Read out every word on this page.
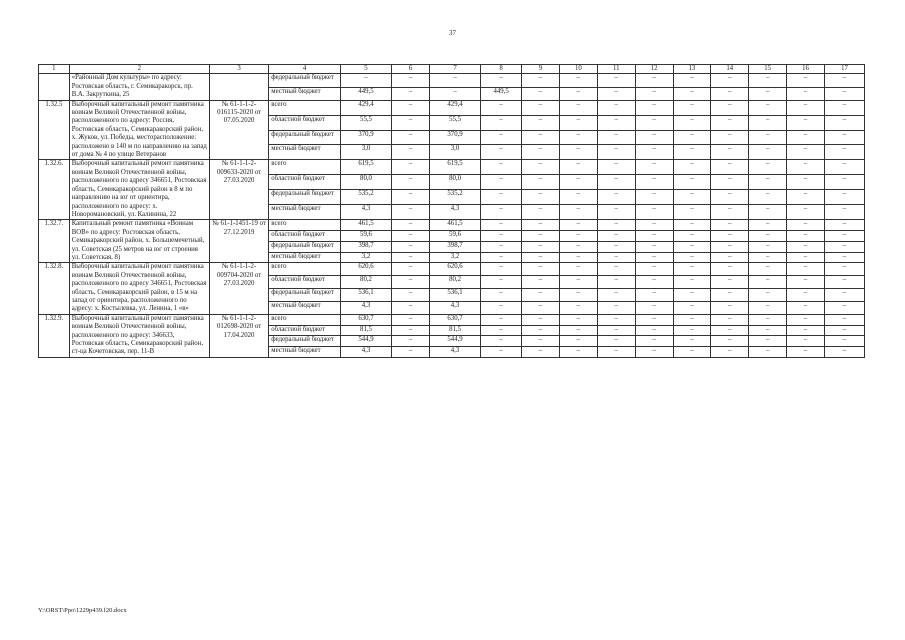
37
1	2	3	4	5	6	7	8	9	10	11	12	13	14	15	16	17
	«Районный Дом культуры» по адресу: Ростовская область, г. Семикаракорск, пр. В.А. Закруткина, 25		федеральный бюджет	–	–	–	–	–	–	–	–	–	–	–	–	–
			местный бюджет	449,5	–	–	449,5	–	–	–	–	–	–	–	–	–
1.32.5	Выборочный капитальный ремонт памятника воинам Великой Отечественной войны, расположенного по адресу: Россия, Ростовская область, Семикаракорский район, х. Жуков, ул. Победы, месторасположение: расположено в 140 м по направлению на запад от дома № 4 по улице Ветеранов	№ 61-1-1-2-016115-2020 от 07.05.2020	всего	429,4	–	429,4	–	–	–	–	–	–	–	–	–	–
			областной бюджет	55,5	–	55,5	–	–	–	–	–	–	–	–	–	–
			федеральный бюджет	370,9	–	370,9	–	–	–	–	–	–	–	–	–	–
			местный бюджет	3,0	–	3,0	–	–	–	–	–	–	–	–	–	–
1.32.6.	Выборочный капитальный ремонт памятника воинам Великой Отечественной войны, расположенного по адресу 346651, Ростовская область, Семикаракорский район в 8 м по направлению на юг от ориентира, расположенного по адресу: х. Новоромановский, ул. Калинина, 22	№ 61-1-1-2-009633-2020 от 27.03.2020	всего	619,5	–	619,5	–	–	–	–	–	–	–	–	–	–
			областной бюджет	80,0	–	80,0	–	–	–	–	–	–	–	–	–	–
			федеральный бюджет	535,2	–	535,2	–	–	–	–	–	–	–	–	–	–
			местный бюджет	4,3	–	4,3	–	–	–	–	–	–	–	–	–	–
1.32.7.	Капитальный ремонт памятника «Воинам ВОВ» по адресу: Ростовская область, Семикаракорский район, х. Большемечетный, ул. Советская (25 метров на юг от строения ул. Советская, 8)	№ 61-1-1451-19 от 27.12.2019	всего	461,5	–	461,5	–	–	–	–	–	–	–	–	–	–
			областной бюджет	59,6	–	59,6	–	–	–	–	–	–	–	–	–	–
			федеральный бюджет	398,7	–	398,7	–	–	–	–	–	–	–	–	–	–
			местный бюджет	3,2	–	3,2	–	–	–	–	–	–	–	–	–	–
1.32.8.	Выборочный капитальный ремонт памятника воинам Великой Отечественной войны, расположенного по адресу 346651, Ростовская область, Семикаракорский район, в 15 м на запад от ориентира, расположенного по адресу: х. Костылевка, ул. Ленина, 1 «в»	№ 61-1-1-2-009704-2020 от 27.03.2020	всего	620,6	–	620,6	–	–	–	–	–	–	–	–	–	–
			областной бюджет	80,2	–	80,2	–	–	–	–	–	–	–	–	–	–
			федеральный бюджет	536,1	–	536,1	–	–	–	–	–	–	–	–	–	–
			местный бюджет	4,3	–	4,3	–	–	–	–	–	–	–	–	–	–
1.32.9.	Выборочный капитальный ремонт памятника воинам Великой Отечественной войны, расположенного по адресу: 346633, Ростовская область, Семикаракорский район, ст-ца Кочетовская, пер. 11-В	№ 61-1-1-2-012698-2020 от 17.04.2020	всего	630,7	–	630,7	–	–	–	–	–	–	–	–	–	–
			областной бюджет	81,5	–	81,5	–	–	–	–	–	–	–	–	–	–
			федеральный бюджет	544,9	–	544,9	–	–	–	–	–	–	–	–	–	–
			местный бюджет	4,3	–	4,3	–	–	–	–	–	–	–	–	–	–
Y:\ORST\Ppo\1229p439.f20.docx
